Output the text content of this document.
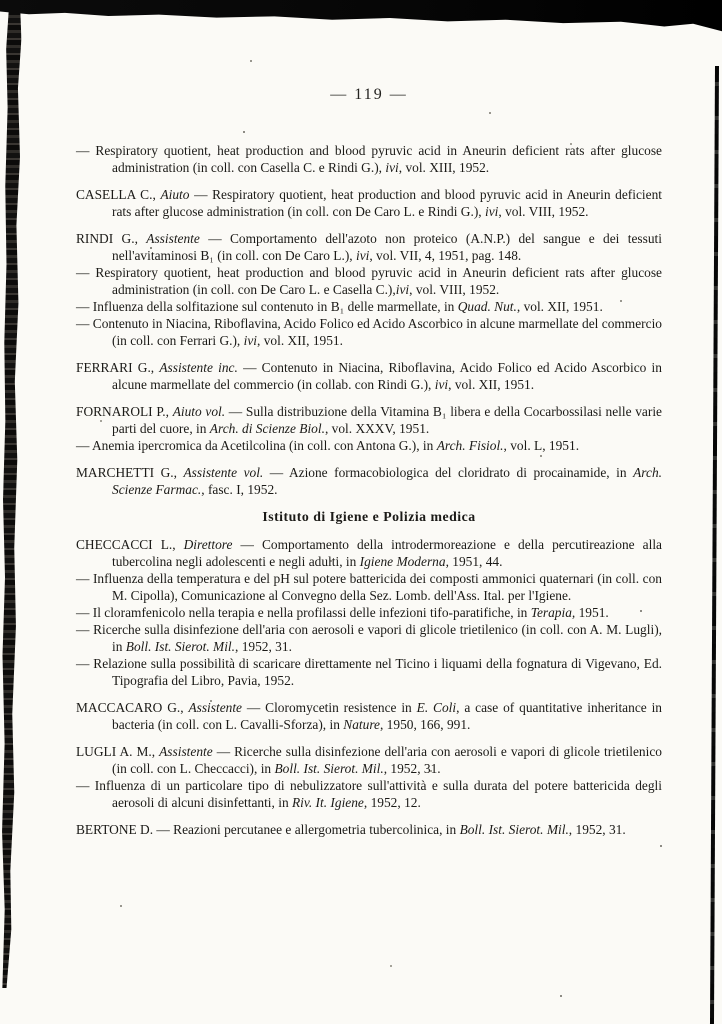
— 119 —

— Respiratory quotient, heat production and blood pyruvic acid in Aneurin deficient rats after glucose administration (in coll. con Casella C. e Rindi G.), ivi, vol. XIII, 1952.

CASELLA C., Aiuto — Respiratory quotient, heat production and blood pyruvic acid in Aneurin deficient rats after glucose administration (in coll. con De Caro L. e Rindi G.), ivi, vol. VIII, 1952.

RINDI G., Assistente — Comportamento dell'azoto non proteico (A.N.P.) del sangue e dei tessuti nell'avitaminosi B₁ (in coll. con De Caro L.), ivi, vol. VII, 4, 1951, pag. 148.

— Respiratory quotient, heat production and blood pyruvic acid in Aneurin deficient rats after glucose administration (in coll. con De Caro L. e Casella C.),ivi, vol. VIII, 1952.

— Influenza della solfitazione sul contenuto in B₁ delle marmellate, in Quad. Nut., vol. XII, 1951.

— Contenuto in Niacina, Riboflavina, Acido Folico ed Acido Ascorbico in alcune marmellate del commercio (in coll. con Ferrari G.), ivi, vol. XII, 1951.

FERRARI G., Assistente inc. — Contenuto in Niacina, Riboflavina, Acido Folico ed Acido Ascorbico in alcune marmellate del commercio (in collab. con Rindi G.), ivi, vol. XII, 1951.

FORNAROLI P., Aiuto vol. — Sulla distribuzione della Vitamina B₁ libera e della Cocarbossilasi nelle varie parti del cuore, in Arch. di Scienze Biol., vol. XXXV, 1951.

— Anemia ipercromica da Acetilcolina (in coll. con Antona G.), in Arch. Fisiol., vol. L, 1951.

MARCHETTI G., Assistente vol. — Azione formacobiologica del cloridrato di procainamide, in Arch. Scienze Farmac., fasc. I, 1952.

Istituto di Igiene e Polizia medica

CHECCACCI L., Direttore — Comportamento della introdermoreazione e della percutireazione alla tubercolina negli adolescenti e negli adulti, in Igiene Moderna, 1951, 44.

— Influenza della temperatura e del pH sul potere battericida dei composti ammonici quaternari (in coll. con M. Cipolla), Comunicazione al Convegno della Sez. Lomb. dell'Ass. Ital. per l'Igiene.

— Il cloramfenicolo nella terapia e nella profilassi delle infezioni tifo-paratifiche, in Terapia, 1951.

— Ricerche sulla disinfezione dell'aria con aerosoli e vapori di glicole trietilenico (in coll. con A. M. Lugli), in Boll. Ist. Sierot. Mil., 1952, 31.

— Relazione sulla possibilità di scaricare direttamente nel Ticino i liquami della fognatura di Vigevano, Ed. Tipografia del Libro, Pavia, 1952.

MACCACARO G., Assistente — Cloromycetin resistence in E. Coli, a case of quantitative inheritance in bacteria (in coll. con L. Cavalli-Sforza), in Nature, 1950, 166, 991.

LUGLI A. M., Assistente — Ricerche sulla disinfezione dell'aria con aerosoli e vapori di glicole trietilenico (in coll. con L. Checcacci), in Boll. Ist. Sierot. Mil., 1952, 31.

— Influenza di un particolare tipo di nebulizzatore sull'attività e sulla durata del potere battericida degli aerosoli di alcuni disinfettanti, in Riv. It. Igiene, 1952, 12.

BERTONE D. — Reazioni percutanee e allergometria tubercolinica, in Boll. Ist. Sierot. Mil., 1952, 31.
